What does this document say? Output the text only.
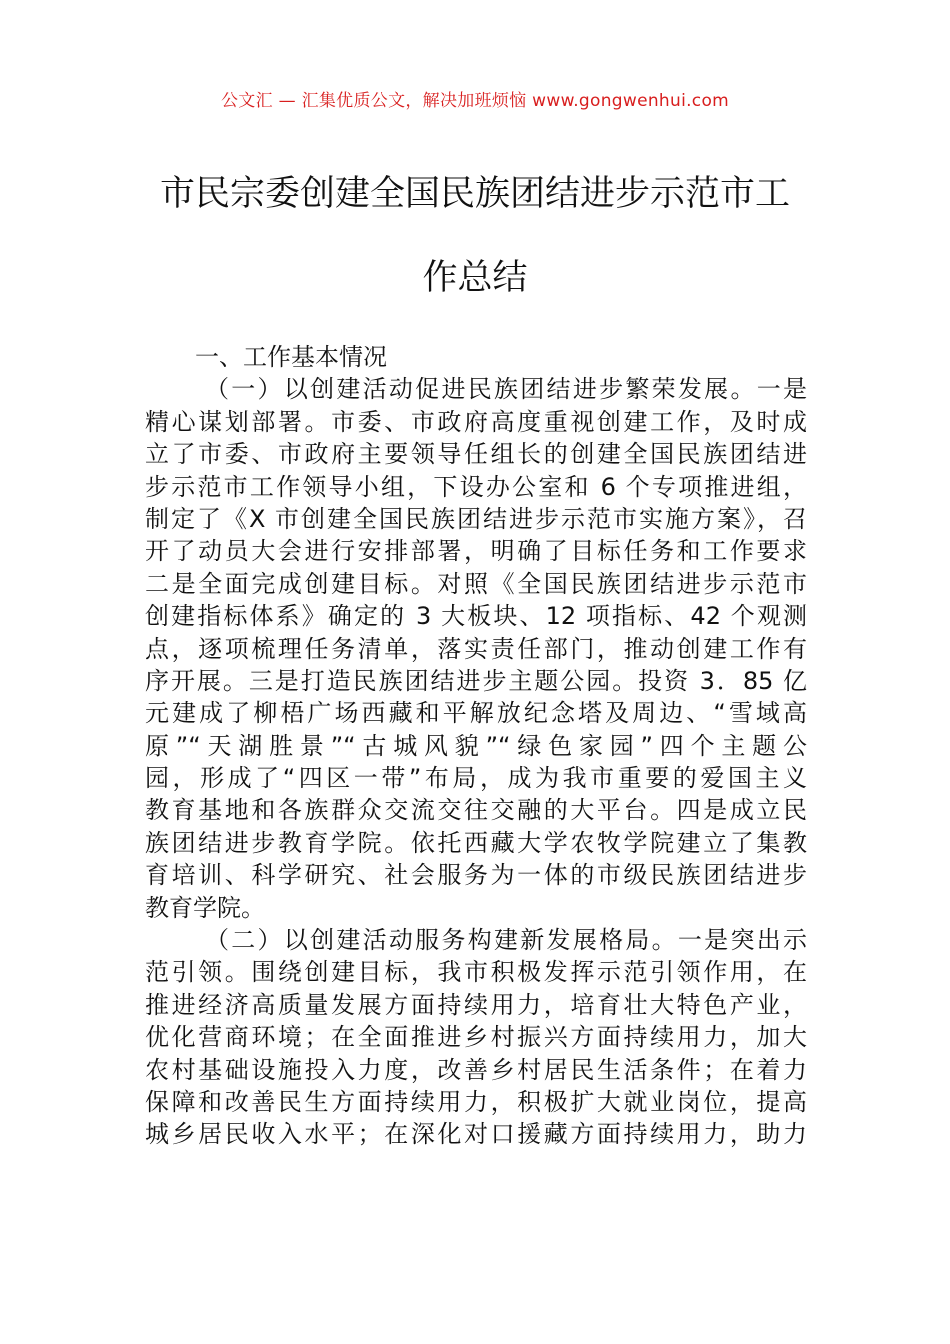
公文汇 — 汇集优质公文，解决加班烦恼 www.gongwenhui.com
市民宗委创建全国民族团结进步示范市工
作总结
一、工作基本情况
（一）以创建活动促进民族团结进步繁荣发展。一是
精心谋划部署。市委、市政府高度重视创建工作，及时成
立了市委、市政府主要领导任组长的创建全国民族团结进
步示范市工作领导小组，下设办公室和 6 个专项推进组，
制定了《X 市创建全国民族团结进步示范市实施方案》，召
开了动员大会进行安排部署，明确了目标任务和工作要求
二是全面完成创建目标。对照《全国民族团结进步示范市
创建指标体系》确定的 3 大板块、12 项指标、42 个观测
点，逐项梳理任务清单，落实责任部门，推动创建工作有
序开展。三是打造民族团结进步主题公园。投资 3．85 亿
元建成了柳梧广场西藏和平解放纪念塔及周边、“雪域高
原”“天湖胜景”“古城风貌”“绿色家园”四个主题公
园，形成了“四区一带”布局，成为我市重要的爱国主义
教育基地和各族群众交流交往交融的大平台。四是成立民
族团结进步教育学院。依托西藏大学农牧学院建立了集教
育培训、科学研究、社会服务为一体的市级民族团结进步
教育学院。
（二）以创建活动服务构建新发展格局。一是突出示
范引领。围绕创建目标，我市积极发挥示范引领作用，在
推进经济高质量发展方面持续用力，培育壮大特色产业，
优化营商环境；在全面推进乡村振兴方面持续用力，加大
农村基础设施投入力度，改善乡村居民生活条件；在着力
保障和改善民生方面持续用力，积极扩大就业岗位，提高
城乡居民收入水平；在深化对口援藏方面持续用力，助力
